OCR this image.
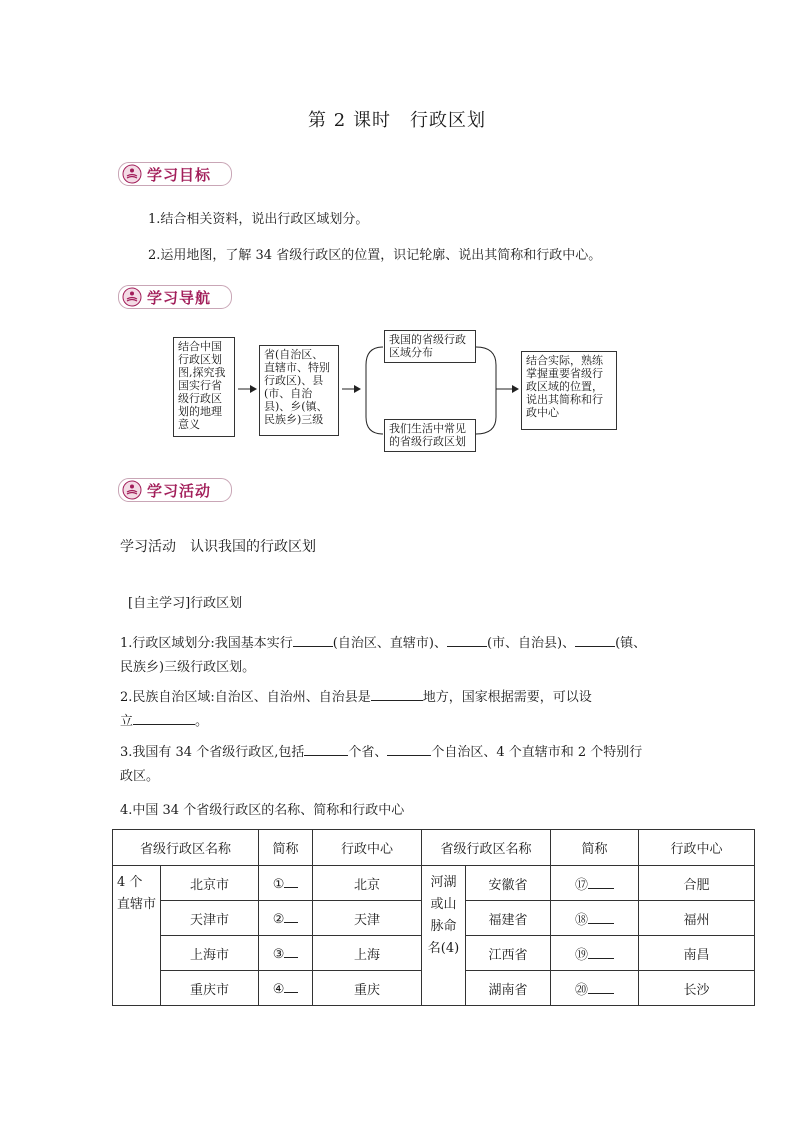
第 2 课时　行政区划
学习目标
1.结合相关资料，说出行政区域划分。
2.运用地图，了解 34 省级行政区的位置，识记轮廓、说出其简称和行政中心。
学习导航
结合中国行政区划图,探究我国实行省级行政区划的地理意义
省(自治区、直辖市、特别行政区)、县(市、自治县)、乡(镇、民族乡)三级
我国的省级行政区域分布
我们生活中常见的省级行政区划
结合实际，熟练掌握重要省级行政区域的位置，说出其简称和行政中心
学习活动
学习活动　认识我国的行政区划
[自主学习]行政区划
1.行政区域划分:我国基本实行	(自治区、直辖市)、	(市、自治县)、	(镇、
民族乡)三级行政区划。
2.民族自治区域:自治区、自治州、自治县是	地方，国家根据需要，可以设
立	。
3.我国有 34 个省级行政区,包括	个省、	个自治区、4 个直辖市和 2 个特别行
政区。
4.中国 34 个省级行政区的名称、简称和行政中心
省级行政区名称		简称	行政中心	省级行政区名称		简称	行政中心
4 个 直辖市	北京市	①	北京	河湖或山脉命名(4)	安徽省	⑰	合肥
	天津市	②	天津		福建省	⑱	福州
	上海市	③	上海		江西省	⑲	南昌
	重庆市	④	重庆		湖南省	⑳	长沙
